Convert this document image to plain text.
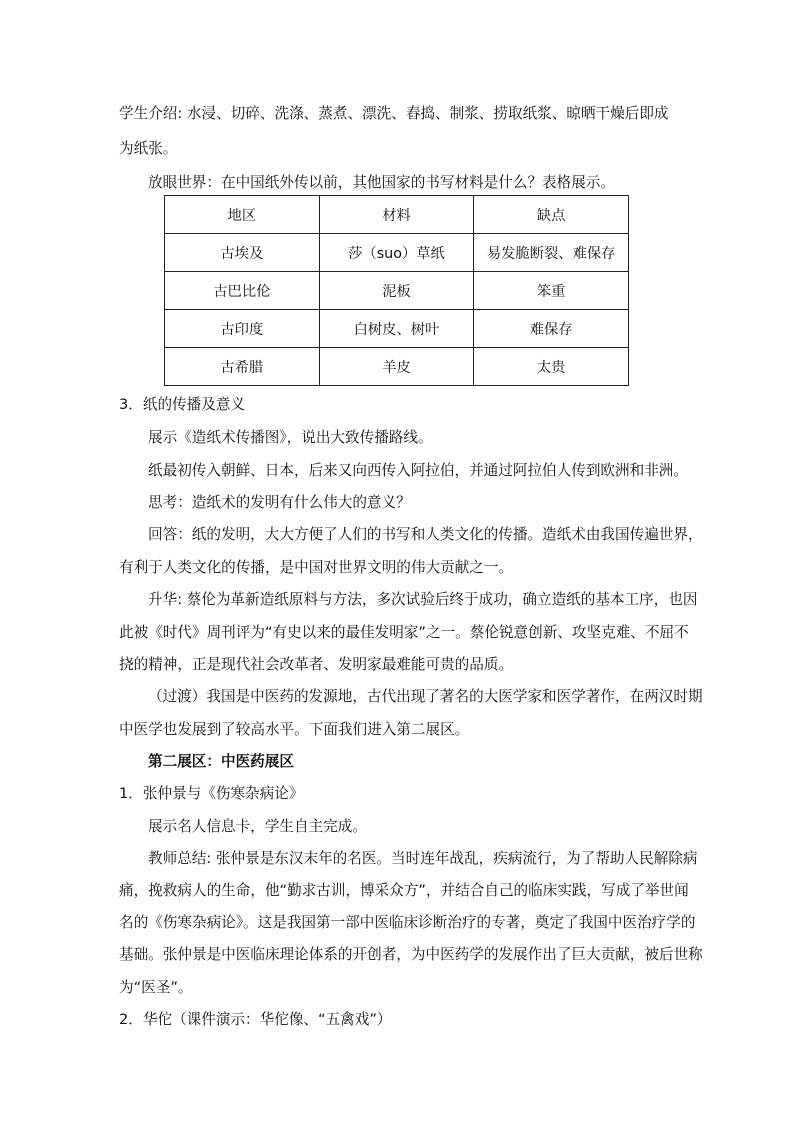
学生介绍: 水浸、切碎、洗涤、蒸煮、漂洗、舂捣、制浆、捞取纸浆、晾晒干燥后即成
为纸张。
放眼世界：在中国纸外传以前，其他国家的书写材料是什么？表格展示。
地区	材料	缺点
古埃及	莎（suo）草纸	易发脆断裂、难保存
古巴比伦	泥板	笨重
古印度	白树皮、树叶	难保存
古希腊	羊皮	太贵
3．纸的传播及意义
展示《造纸术传播图》，说出大致传播路线。
纸最初传入朝鲜、日本，后来又向西传入阿拉伯，并通过阿拉伯人传到欧洲和非洲。
思考：造纸术的发明有什么伟大的意义？
回答：纸的发明，大大方便了人们的书写和人类文化的传播。造纸术由我国传遍世界，
有利于人类文化的传播，是中国对世界文明的伟大贡献之一。
升华: 蔡伦为革新造纸原料与方法，多次试验后终于成功，确立造纸的基本工序，也因
此被《时代》周刊评为“有史以来的最佳发明家”之一。蔡伦锐意创新、攻坚克难、不屈不
挠的精神，正是现代社会改革者、发明家最难能可贵的品质。
（过渡）我国是中医药的发源地，古代出现了著名的大医学家和医学著作，在两汉时期
中医学也发展到了较高水平。下面我们进入第二展区。
第二展区：中医药展区
1．张仲景与《伤寒杂病论》
展示名人信息卡，学生自主完成。
教师总结: 张仲景是东汉末年的名医。当时连年战乱，疾病流行，为了帮助人民解除病
痛，挽救病人的生命，他“勤求古训，博采众方”，并结合自己的临床实践，写成了举世闻
名的《伤寒杂病论》。这是我国第一部中医临床诊断治疗的专著，奠定了我国中医治疗学的
基础。张仲景是中医临床理论体系的开创者，为中医药学的发展作出了巨大贡献，被后世称
为“医圣”。
2．华佗（课件演示：华佗像、“五禽戏”）
